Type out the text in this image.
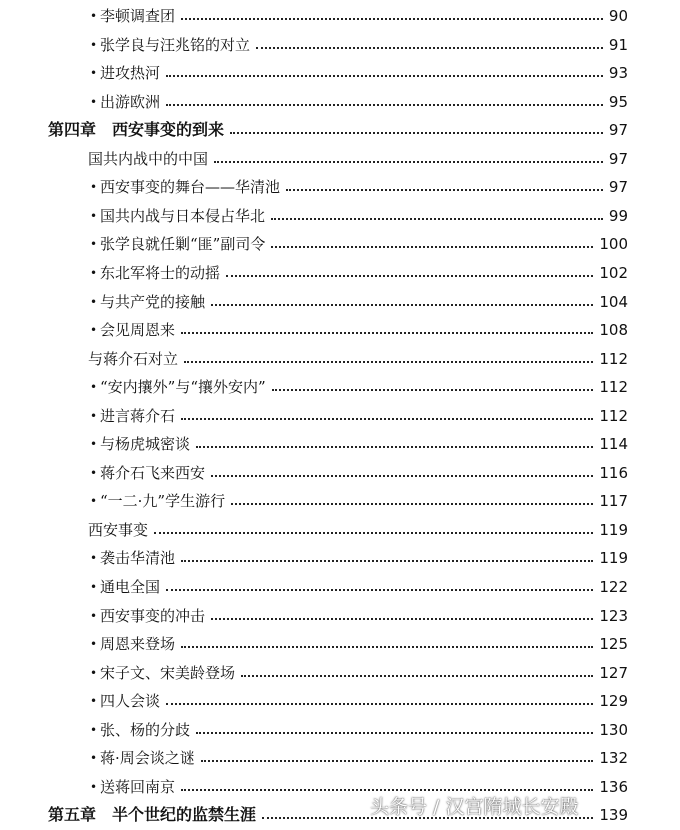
• 李顿调查团	90
• 张学良与汪兆铭的对立	91
• 进攻热河	93
• 出游欧洲	95
第四章　西安事变的到来	97
国共内战中的中国	97
• 西安事变的舞台——华清池	97
• 国共内战与日本侵占华北	99
• 张学良就任剿“匪”副司令	100
• 东北军将士的动摇	102
• 与共产党的接触	104
• 会见周恩来	108
与蒋介石对立	112
• “安内攘外”与“攘外安内”	112
• 进言蒋介石	112
• 与杨虎城密谈	114
• 蒋介石飞来西安	116
• “一二·九”学生游行	117
西安事变	119
• 袭击华清池	119
• 通电全国	122
• 西安事变的冲击	123
• 周恩来登场	125
• 宋子文、宋美龄登场	127
• 四人会谈	129
• 张、杨的分歧	130
• 蒋·周会谈之谜	132
• 送蒋回南京	136
第五章　半个世纪的监禁生涯	139
头条号 / 汉宫隋城长安殿
